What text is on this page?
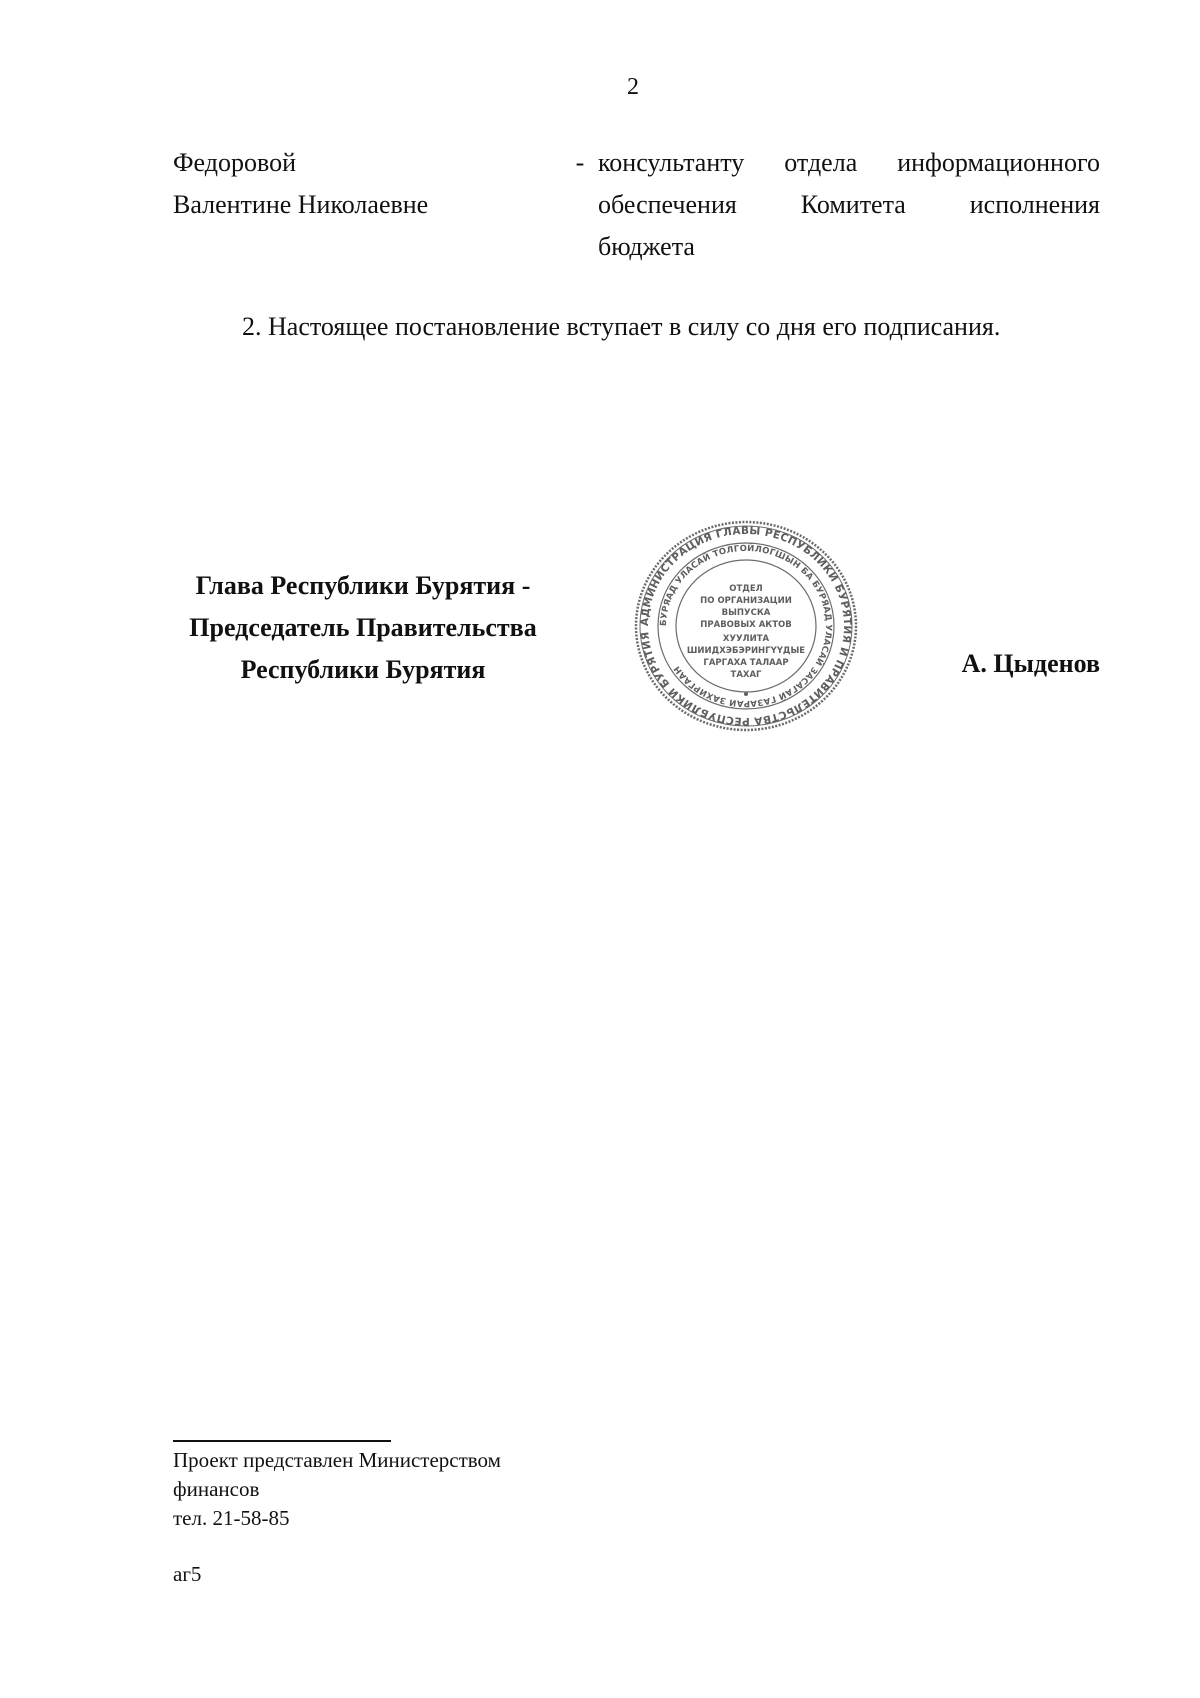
2
Федоровой
Валентине Николаевне
- консультанту отдела информационного
обеспечения Комитета исполнения
бюджета
2. Настоящее постановление вступает в силу со дня его подписания.
Глава Республики Бурятия -
Председатель Правительства
Республики Бурятия
АДМИНИСТРАЦИЯ ГЛАВЫ РЕСПУБЛИКИ БУРЯТИЯ И ПРАВИТЕЛЬСТВА РЕСПУБЛИКИ БУРЯТИЯ
БУРЯАД УЛАСАЙ ТОЛГОЙЛОГШЫН БА БУРЯАД УЛАСАЙ ЗАСАГАЙ ГАЗАРАЙ ЗАХИРГААН
ОТДЕЛ
ПО ОРГАНИЗАЦИИ
ВЫПУСКА
ПРАВОВЫХ АКТОВ
ХУУЛИТА
ШИИДХЭБЭРИНГҮҮДЫЕ
ГАРГАХА ТАЛААР
ТАХАГ	А. Цыденов
Проект представлен Министерством
финансов
тел. 21-58-85
аг5
